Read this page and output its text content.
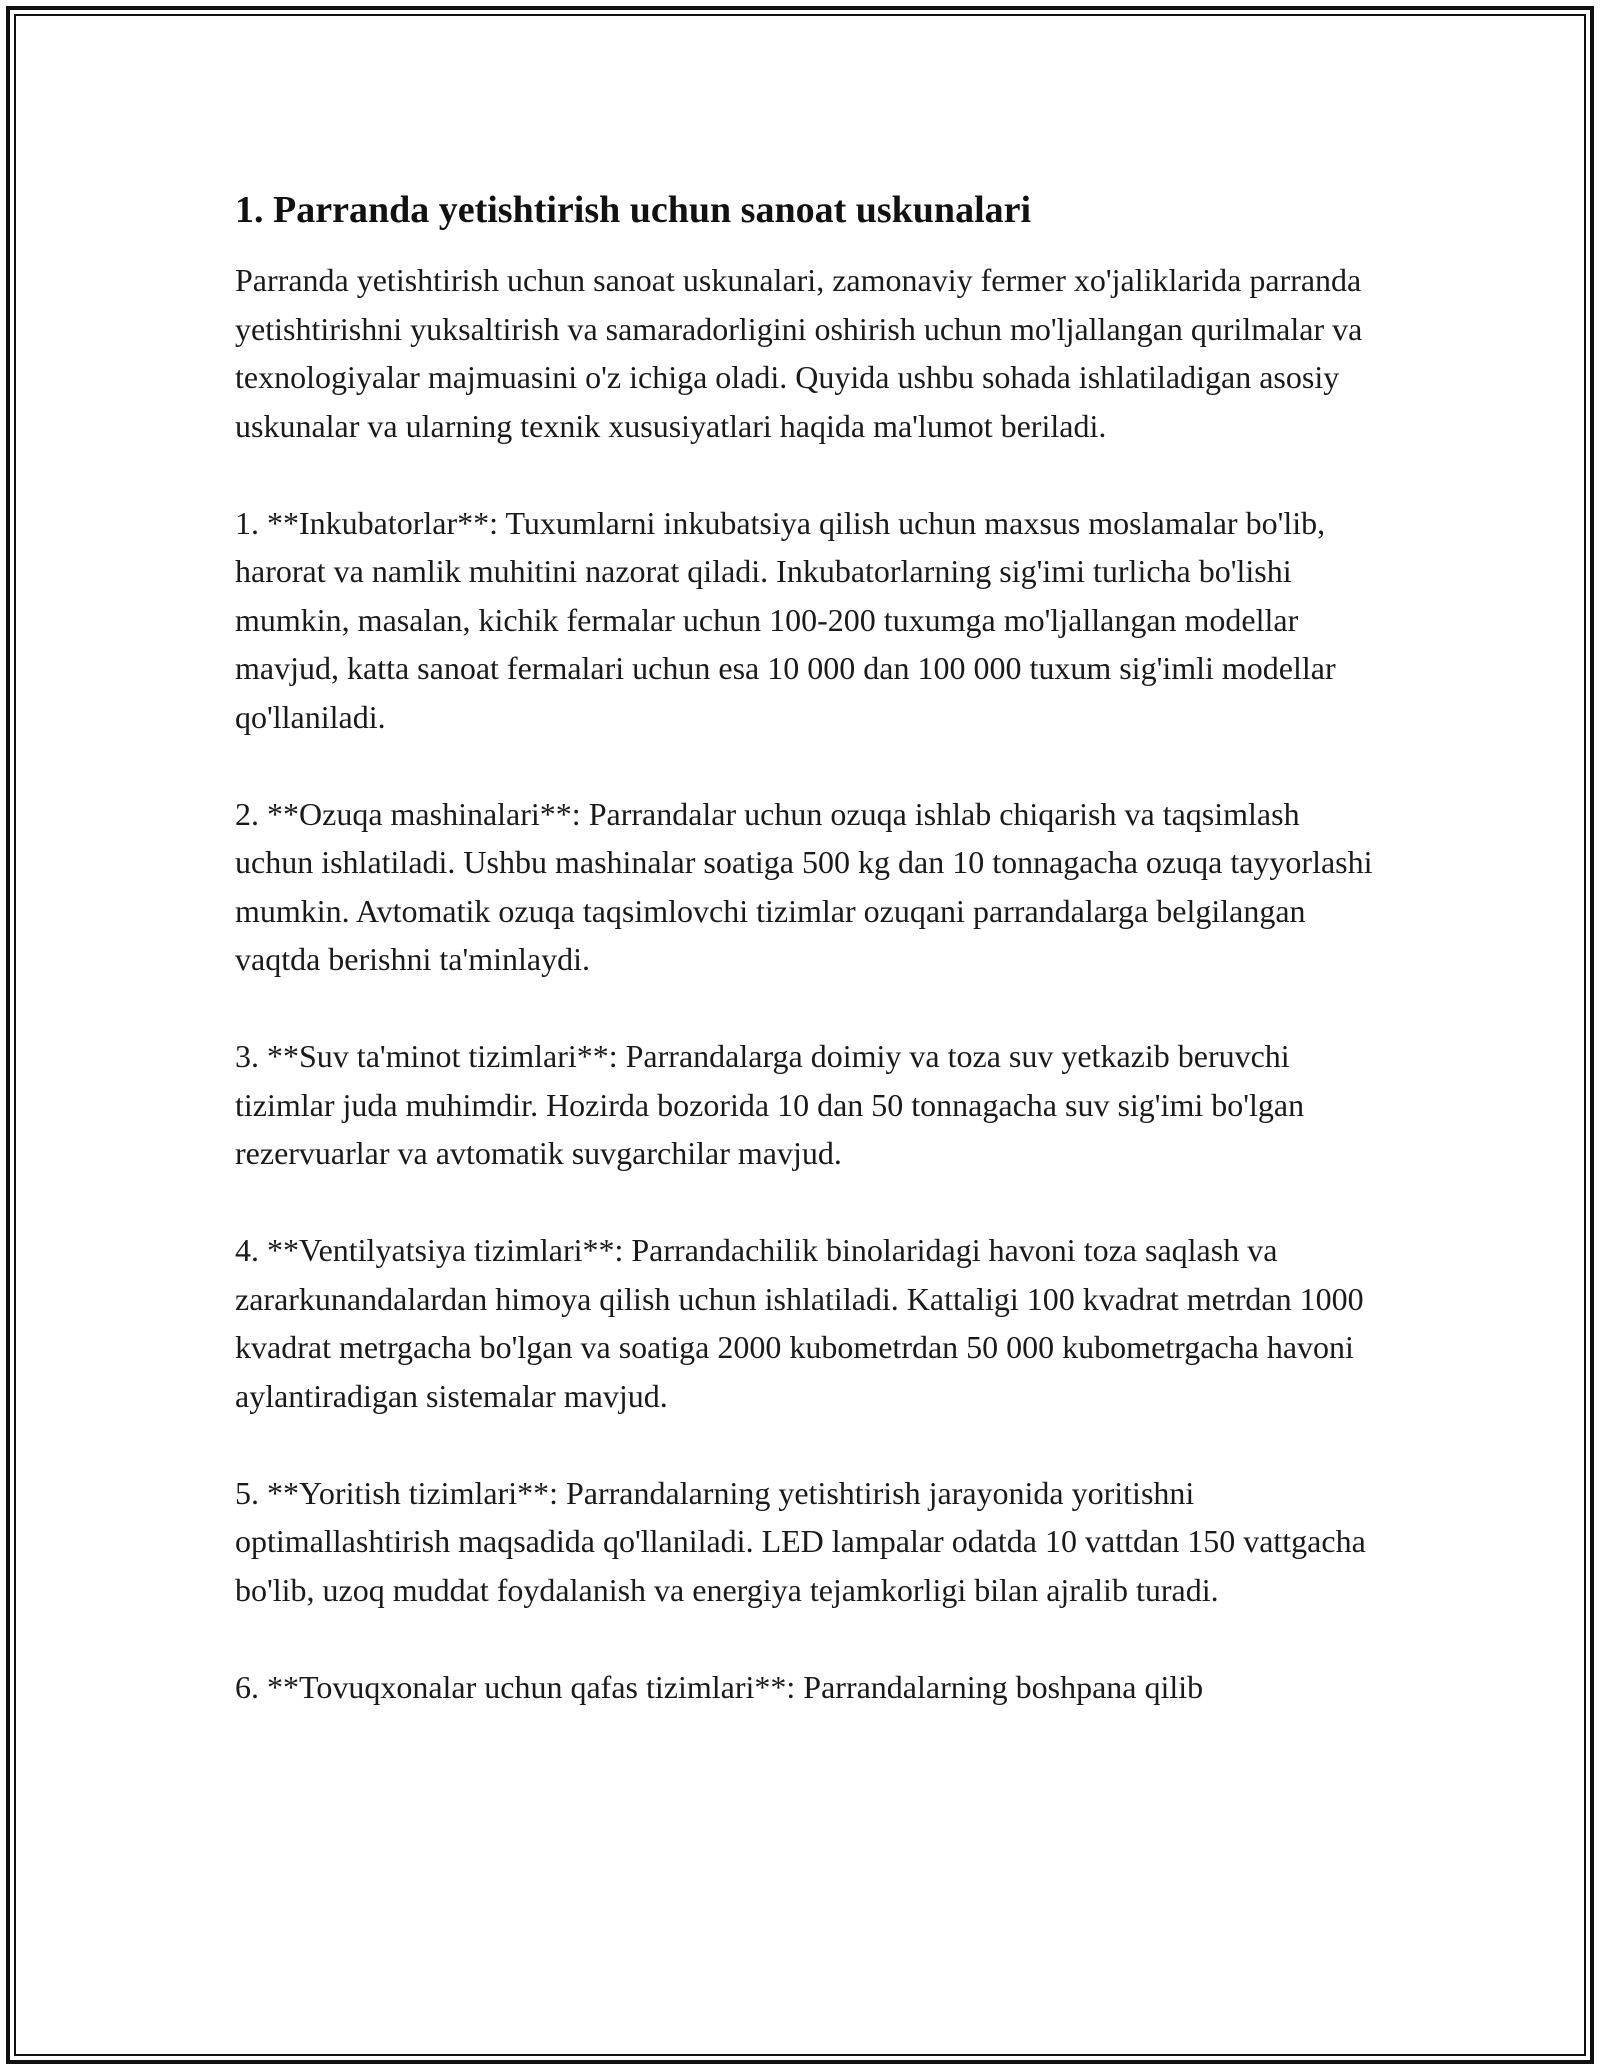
1. Parranda yetishtirish uchun sanoat uskunalari

Parranda yetishtirish uchun sanoat uskunalari, zamonaviy fermer xo'jaliklarida parranda yetishtirishni yuksaltirish va samaradorligini oshirish uchun mo'ljallangan qurilmalar va texnologiyalar majmuasini o'z ichiga oladi. Quyida ushbu sohada ishlatiladigan asosiy uskunalar va ularning texnik xususiyatlari haqida ma'lumot beriladi.

1. **Inkubatorlar**: Tuxumlarni inkubatsiya qilish uchun maxsus moslamalar bo'lib, harorat va namlik muhitini nazorat qiladi. Inkubatorlarning sig'imi turlicha bo'lishi mumkin, masalan, kichik fermalar uchun 100-200 tuxumga mo'ljallangan modellar mavjud, katta sanoat fermalari uchun esa 10 000 dan 100 000 tuxum sig'imli modellar qo'llaniladi.

2. **Ozuqa mashinalari**: Parrandalar uchun ozuqa ishlab chiqarish va taqsimlash uchun ishlatiladi. Ushbu mashinalar soatiga 500 kg dan 10 tonnagacha ozuqa tayyorlashi mumkin. Avtomatik ozuqa taqsimlovchi tizimlar ozuqani parrandalarga belgilangan vaqtda berishni ta'minlaydi.

3. **Suv ta'minot tizimlari**: Parrandalarga doimiy va toza suv yetkazib beruvchi tizimlar juda muhimdir. Hozirda bozorida 10 dan 50 tonnagacha suv sig'imi bo'lgan rezervuarlar va avtomatik suvgarchilar mavjud.

4. **Ventilyatsiya tizimlari**: Parrandachilik binolaridagi havoni toza saqlash va zararkunandalardan himoya qilish uchun ishlatiladi. Kattaligi 100 kvadrat metrdan 1000 kvadrat metrgacha bo'lgan va soatiga 2000 kubometrdan 50 000 kubometrgacha havoni aylantiradigan sistemalar mavjud.

5. **Yoritish tizimlari**: Parrandalarning yetishtirish jarayonida yoritishni optimallashtirish maqsadida qo'llaniladi. LED lampalar odatda 10 vattdan 150 vattgacha bo'lib, uzoq muddat foydalanish va energiya tejamkorligi bilan ajralib turadi.

6. **Tovuqxonalar uchun qafas tizimlari**: Parrandalarning boshpana qilib
